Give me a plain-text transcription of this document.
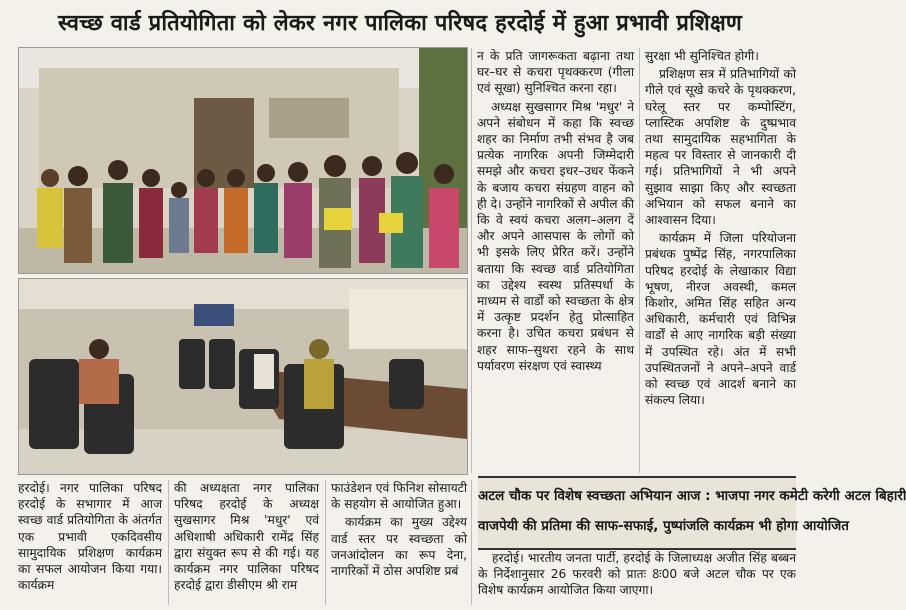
स्वच्छ वार्ड प्रतियोगिता को लेकर नगर पालिका परिषद हरदोई में हुआ प्रभावी प्रशिक्षण

हरदोई। नगर पालिका परिषद हरदोई के सभागार में आज स्वच्छ वार्ड प्रतियोगिता के अंतर्गत एक प्रभावी एकदिवसीय सामुदायिक प्रशिक्षण कार्यक्रम का सफल आयोजन किया गया। कार्यक्रम

की अध्यक्षता नगर पालिका परिषद हरदोई के अध्यक्ष सुखसागर मिश्र 'मधुर' एवं अधिशाषी अधिकारी रामेंद्र सिंह द्वारा संयुक्त रूप से की गई। यह कार्यक्रम नगर पालिका परिषद हरदोई द्वारा डीसीएम श्री राम

फाउंडेशन एवं फिनिश सोसायटी के सहयोग से आयोजित हुआ।

कार्यक्रम का मुख्य उद्देश्य वार्ड स्तर पर स्वच्छता को जनआंदोलन का रूप देना, नागरिकों में ठोस अपशिष्ट प्रबं

न के प्रति जागरूकता बढ़ाना तथा घर–घर से कचरा पृथक्करण (गीला एवं सूखा) सुनिश्चित करना रहा।

अध्यक्ष सुखसागर मिश्र 'मधुर' ने अपने संबोधन में कहा कि स्वच्छ शहर का निर्माण तभी संभव है जब प्रत्येक नागरिक अपनी जिम्मेदारी समझे और कचरा इधर–उधर फेंकने के बजाय कचरा संग्रहण वाहन को ही दे। उन्होंने नागरिकों से अपील की कि वे स्वयं कचरा अलग–अलग दें और अपने आसपास के लोगों को भी इसके लिए प्रेरित करें। उन्होंने बताया कि स्वच्छ वार्ड प्रतियोगिता का उद्देश्य स्वस्थ प्रतिस्पर्धा के माध्यम से वार्डों को स्वच्छता के क्षेत्र में उत्कृष्ट प्रदर्शन हेतु प्रोत्साहित करना है। उचित कचरा प्रबंधन से शहर साफ–सुथरा रहने के साथ पर्यावरण संरक्षण एवं स्वास्थ्य

सुरक्षा भी सुनिश्चित होगी।

प्रशिक्षण सत्र में प्रतिभागियों को गीले एवं सूखे कचरे के पृथक्करण, घरेलू स्तर पर कम्पोस्टिंग, प्लास्टिक अपशिष्ट के दुष्प्रभाव तथा सामुदायिक सहभागिता के महत्व पर विस्तार से जानकारी दी गई। प्रतिभागियों ने भी अपने सुझाव साझा किए और स्वच्छता अभियान को सफल बनाने का आश्वासन दिया।

कार्यक्रम में जिला परियोजना प्रबंधक पुष्पेंद्र सिंह, नगरपालिका परिषद हरदोई के लेखाकार विद्या भूषण, नीरज अवस्थी, कमल किशोर, अमित सिंह सहित अन्य अधिकारी, कर्मचारी एवं विभिन्न वार्डों से आए नागरिक बड़ी संख्या में उपस्थित रहे। अंत में सभी उपस्थितजनों ने अपने–अपने वार्ड को स्वच्छ एवं आदर्श बनाने का संकल्प लिया।

अटल चौक पर विशेष स्वच्छता अभियान आज : भाजपा नगर कमेटी करेगी अटल बिहारी
वाजपेयी की प्रतिमा की साफ-सफाई, पुष्पांजलि कार्यक्रम भी होगा आयोजित

हरदोई। भारतीय जनता पार्टी, हरदोई के जिलाध्यक्ष अजीत सिंह बब्बन के निर्देशानुसार 26 फरवरी को प्रातः 8ः00 बजे अटल चौक पर एक विशेष कार्यक्रम आयोजित किया जाएगा।
